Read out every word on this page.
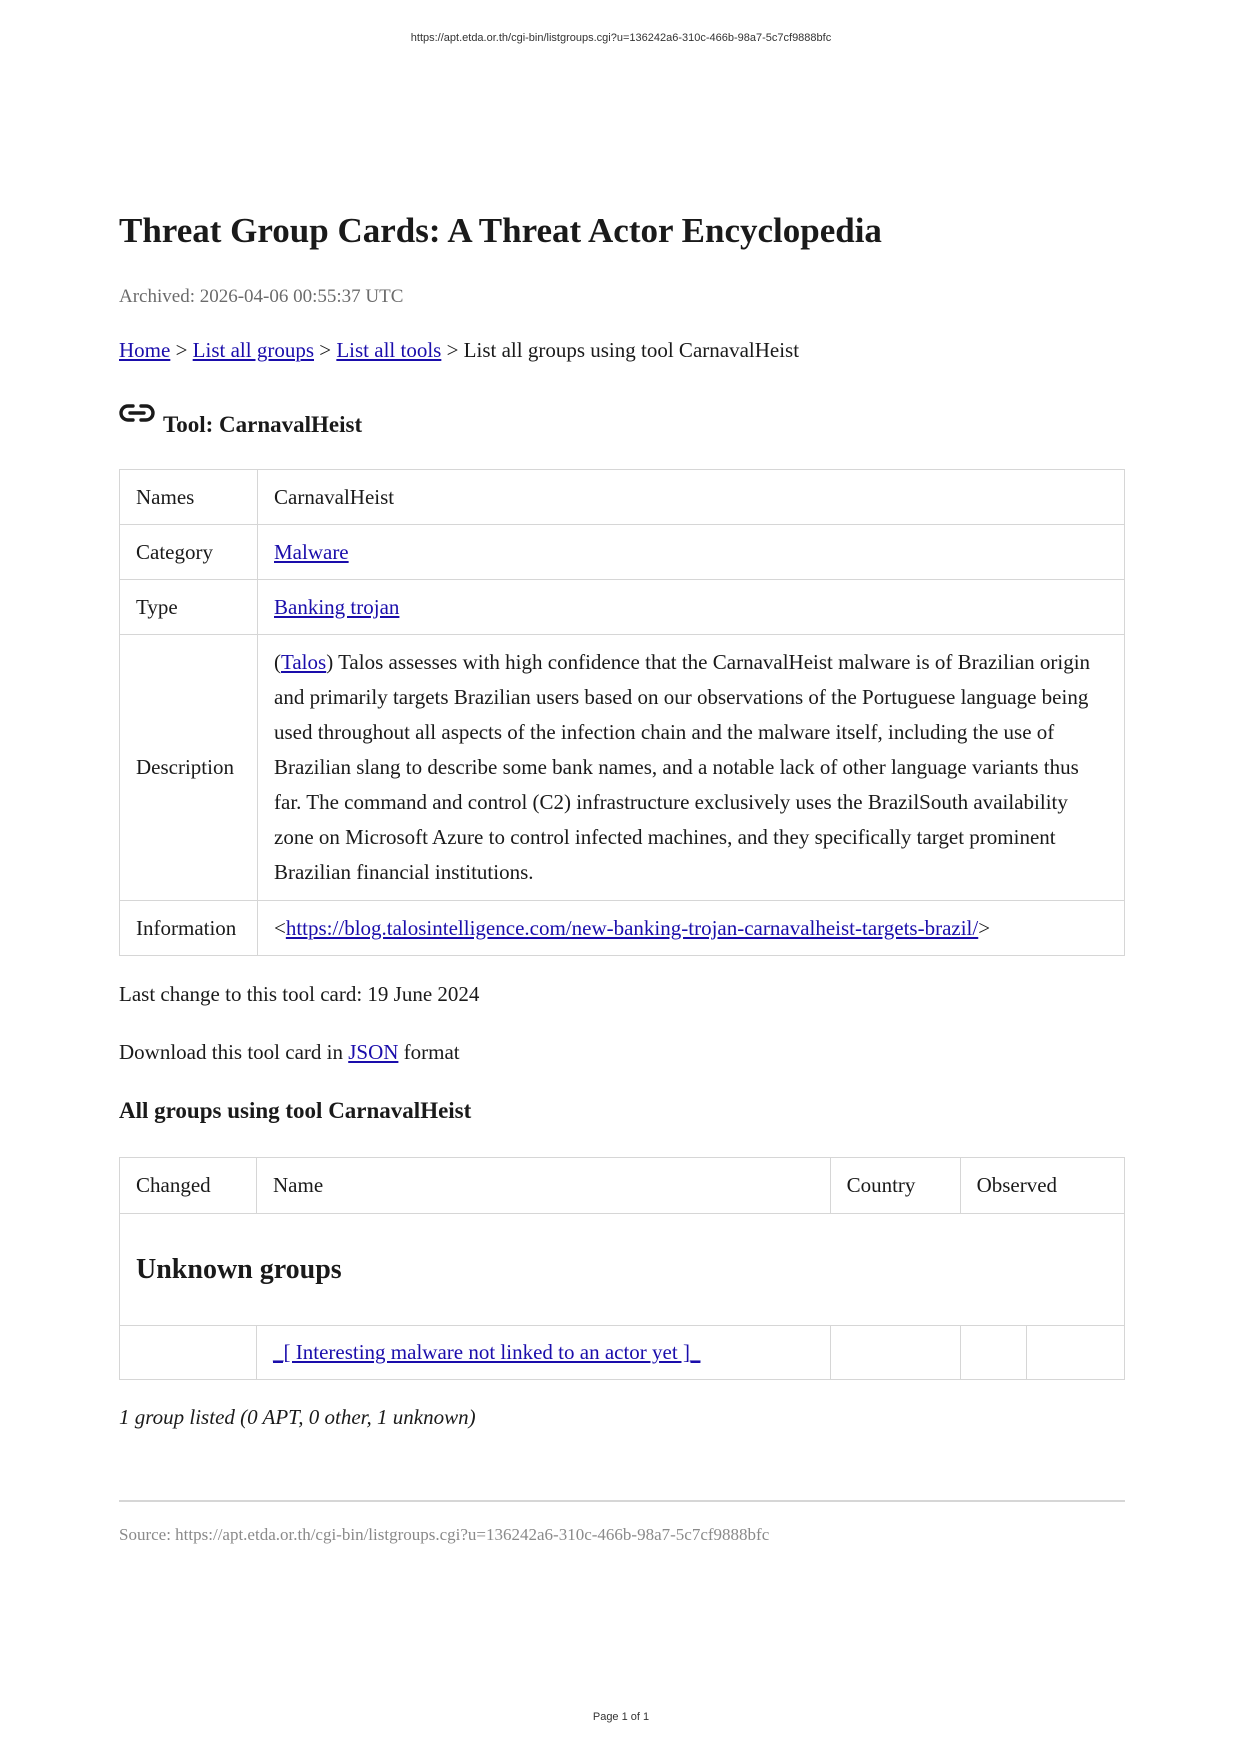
https://apt.etda.or.th/cgi-bin/listgroups.cgi?u=136242a6-310c-466b-98a7-5c7cf9888bfc
Threat Group Cards: A Threat Actor Encyclopedia
Archived: 2026-04-06 00:55:37 UTC
Home > List all groups > List all tools > List all groups using tool CarnavalHeist
Tool: CarnavalHeist
Names	CarnavalHeist
Category	Malware
Type	Banking trojan
Description	(Talos) Talos assesses with high confidence that the CarnavalHeist malware is of Brazilian origin and primarily targets Brazilian users based on our observations of the Portuguese language being used throughout all aspects of the infection chain and the malware itself, including the use of Brazilian slang to describe some bank names, and a notable lack of other language variants thus far. The command and control (C2) infrastructure exclusively uses the BrazilSouth availability zone on Microsoft Azure to control infected machines, and they specifically target prominent Brazilian financial institutions.
Information	<https://blog.talosintelligence.com/new-banking-trojan-carnavalheist-targets-brazil/>
Last change to this tool card: 19 June 2024
Download this tool card in JSON format
All groups using tool CarnavalHeist
Changed	Name	Country	Observed	
Unknown groups				
	_[ Interesting malware not linked to an actor yet ]_			
1 group listed (0 APT, 0 other, 1 unknown)
Source: https://apt.etda.or.th/cgi-bin/listgroups.cgi?u=136242a6-310c-466b-98a7-5c7cf9888bfc
Page 1 of 1
